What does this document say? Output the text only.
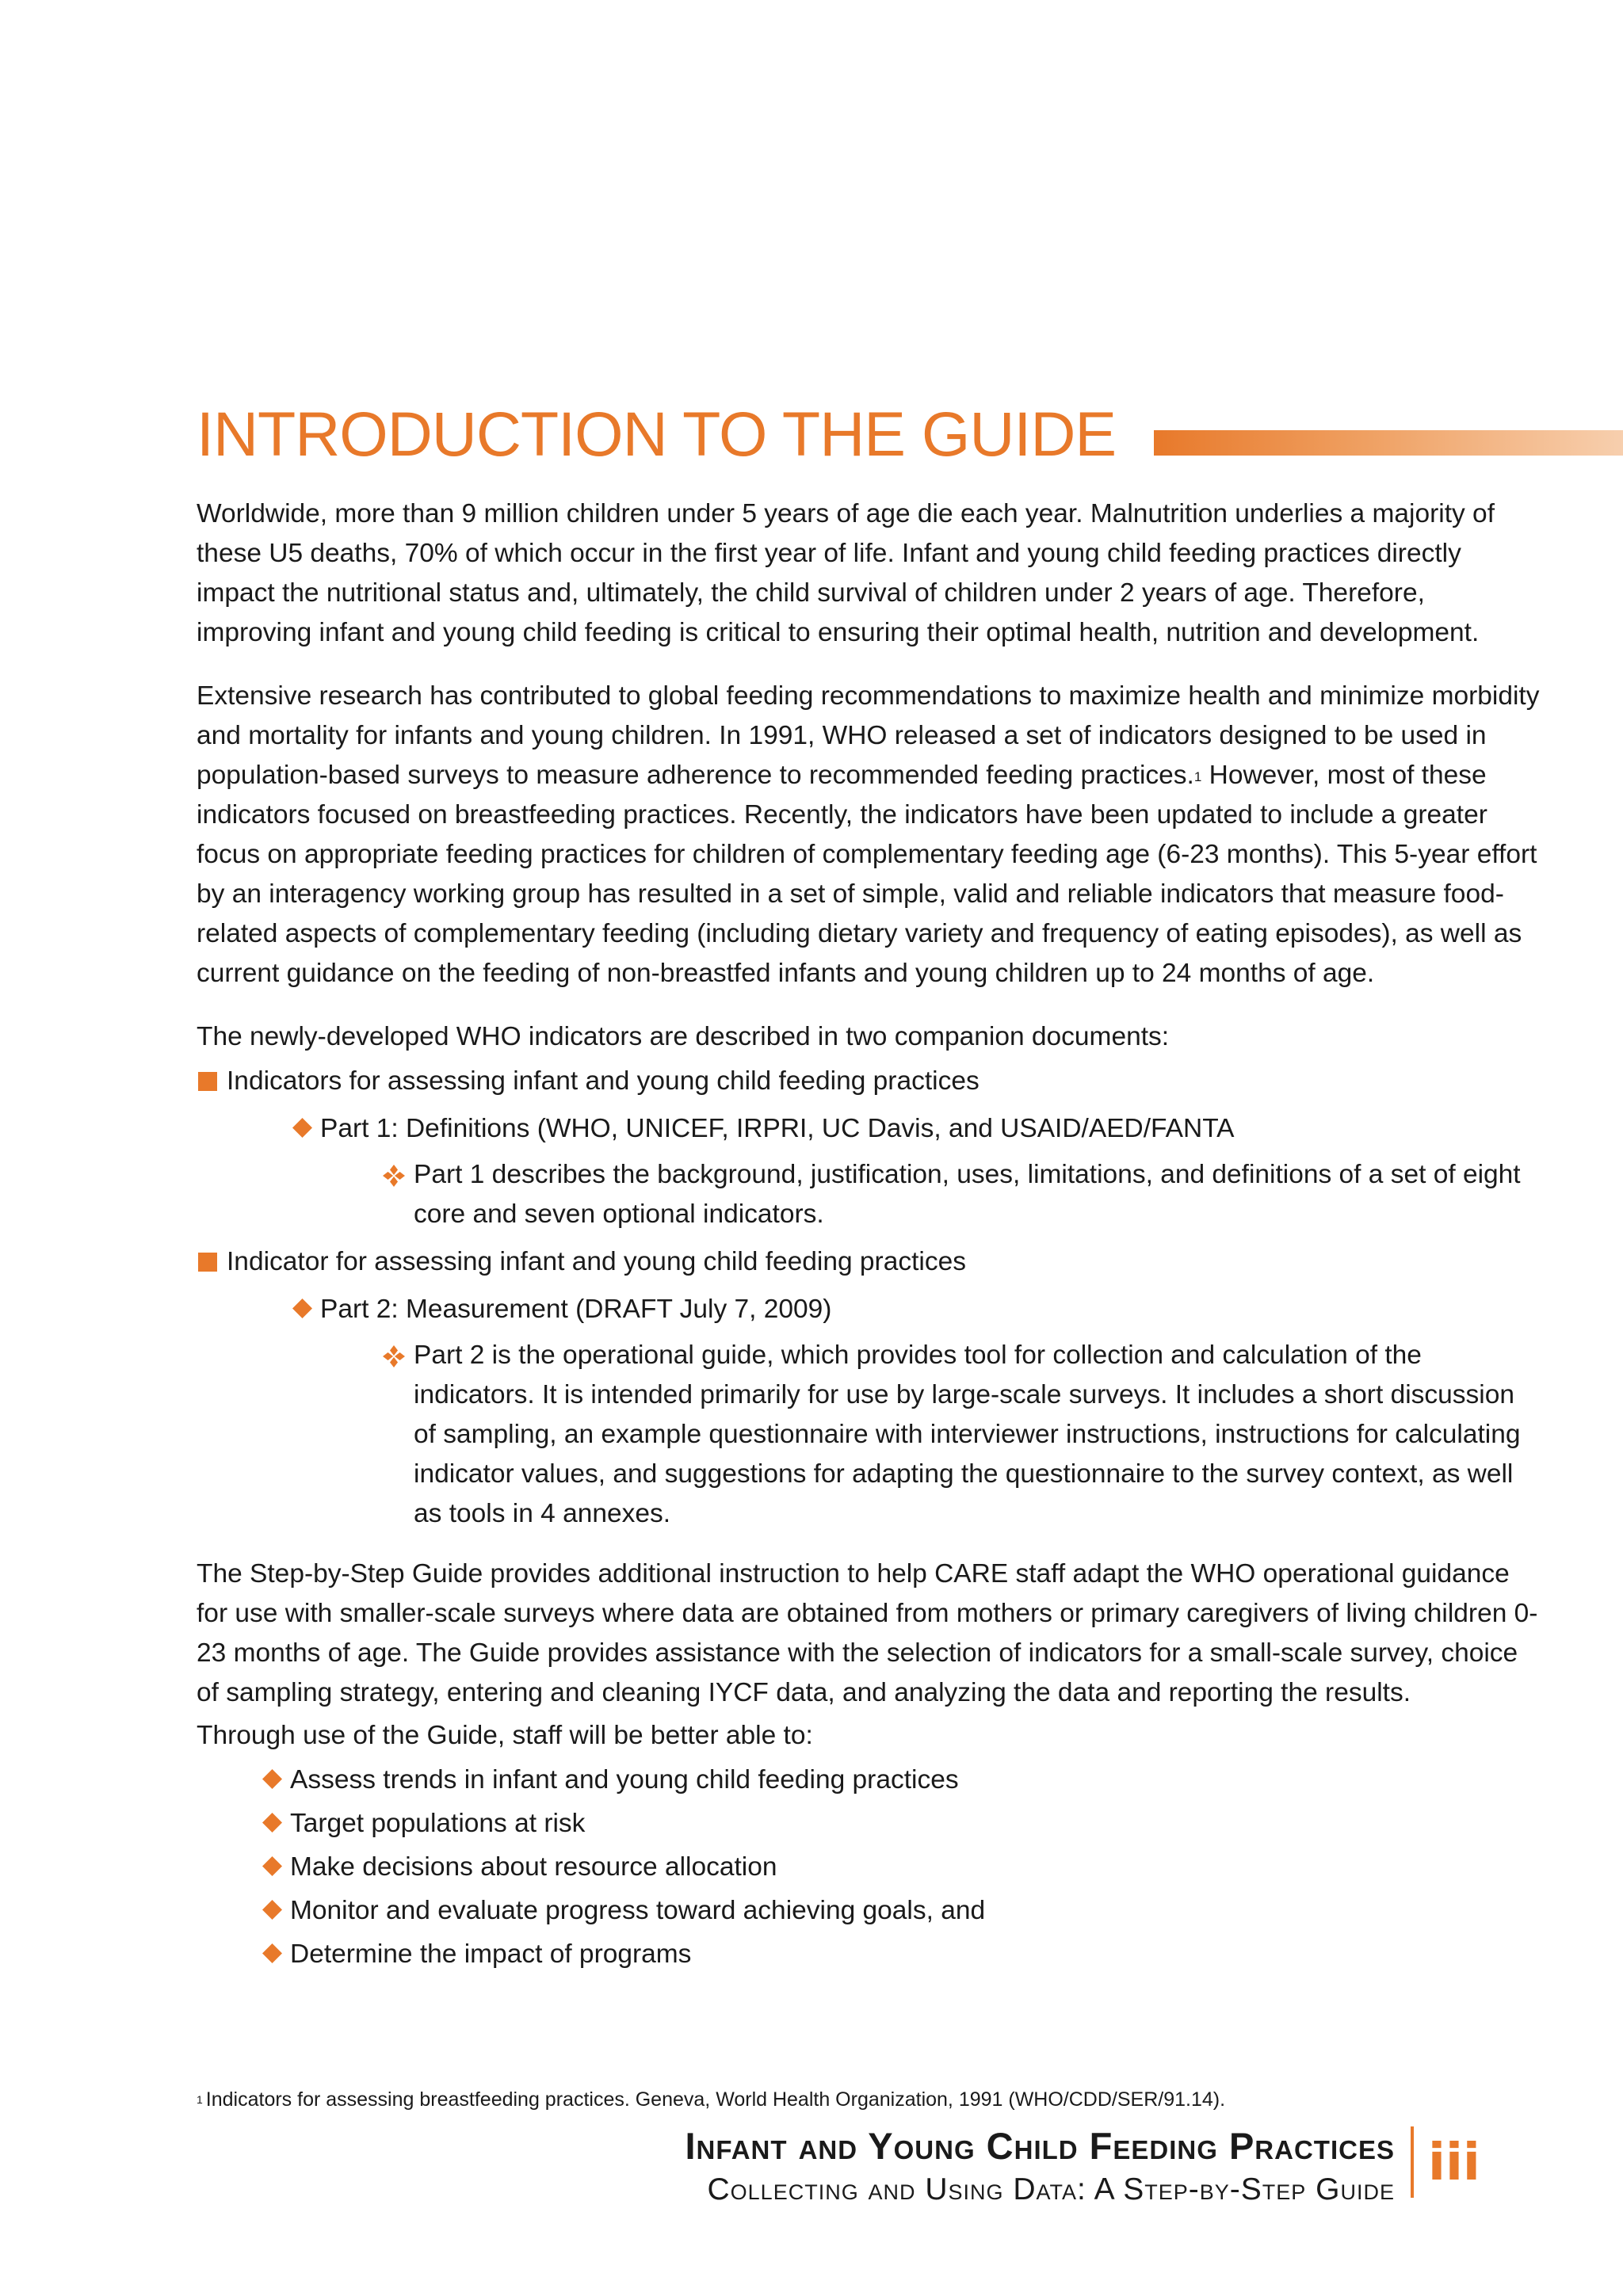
INTRODUCTION TO THE GUIDE

Worldwide, more than 9 million children under 5 years of age die each year. Malnutrition underlies a majority of these U5 deaths, 70% of which occur in the first year of life. Infant and young child feeding practices directly impact the nutritional status and, ultimately, the child survival of children under 2 years of age. Therefore, improving infant and young child feeding is critical to ensuring their optimal health, nutrition and development.

Extensive research has contributed to global feeding recommendations to maximize health and minimize morbidity and mortality for infants and young children. In 1991, WHO released a set of indicators designed to be used in population-based surveys to measure adherence to recommended feeding practices.$^1$ However, most of these indicators focused on breastfeeding practices. Recently, the indicators have been updated to include a greater focus on appropriate feeding practices for children of complementary feeding age (6-23 months). This 5-year effort by an interagency working group has resulted in a set of simple, valid and reliable indicators that measure food-related aspects of complementary feeding (including dietary variety and frequency of eating episodes), as well as current guidance on the feeding of non-breastfed infants and young children up to 24 months of age.

The newly-developed WHO indicators are described in two companion documents:

Indicators for assessing infant and young child feeding practices
Part 1: Definitions (WHO, UNICEF, IRPRI, UC Davis, and USAID/AED/FANTA
Part 1 describes the background, justification, uses, limitations, and definitions of a set of eight core and seven optional indicators.
Indicator for assessing infant and young child feeding practices
Part 2: Measurement (DRAFT July 7, 2009)
Part 2 is the operational guide, which provides tool for collection and calculation of the indicators. It is intended primarily for use by large-scale surveys. It includes a short discussion of sampling, an example questionnaire with interviewer instructions, instructions for calculating indicator values, and suggestions for adapting the questionnaire to the survey context, as well as tools in 4 annexes.

The Step-by-Step Guide provides additional instruction to help CARE staff adapt the WHO operational guidance for use with smaller-scale surveys where data are obtained from mothers or primary caregivers of living children 0-23 months of age. The Guide provides assistance with the selection of indicators for a small-scale survey, choice of sampling strategy, entering and cleaning IYCF data, and analyzing the data and reporting the results.

Through use of the Guide, staff will be better able to:

Assess trends in infant and young child feeding practices
Target populations at risk
Make decisions about resource allocation
Monitor and evaluate progress toward achieving goals, and
Determine the impact of programs
$^1$ Indicators for assessing breastfeeding practices. Geneva, World Health Organization, 1991 (WHO/CDD/SER/91.14).
Infant and Young Child Feeding Practices
Collecting and Using Data: A Step-by-Step Guide iii
